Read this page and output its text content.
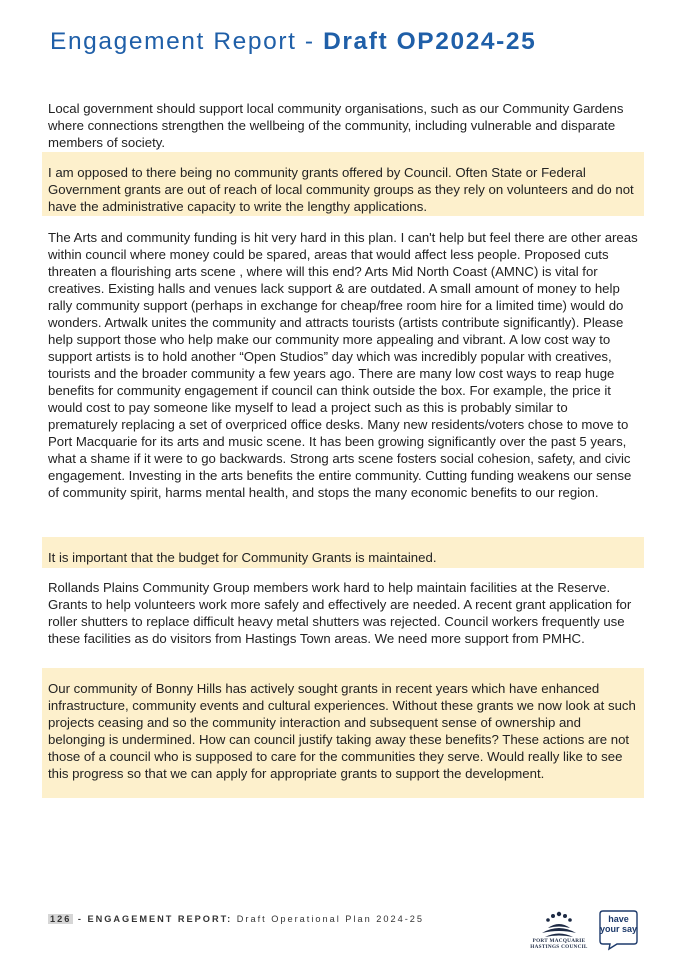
Engagement Report - Draft OP2024-25
Local government should support local community organisations, such as our Community Gardens where connections strengthen the wellbeing of the community, including vulnerable and disparate members of society.
I am opposed to there being no community grants offered by Council. Often State or Federal Government grants are out of reach of local community groups as they rely on volunteers and do not have the administrative capacity to write the lengthy applications.
The Arts and community funding is hit very hard in this plan. I can't help but feel there are other areas within council where money could be spared, areas that would affect less people. Proposed cuts threaten a flourishing arts scene , where will this end? Arts Mid North Coast (AMNC) is vital for creatives. Existing halls and venues lack support & are outdated. A small amount of money to help rally community support (perhaps in exchange for cheap/free room hire for a limited time) would do wonders. Artwalk unites the community and attracts tourists (artists contribute significantly). Please help support those who help make our community more appealing and vibrant. A low cost way to support artists is to hold another “Open Studios” day which was incredibly popular with creatives, tourists and the broader community a few years ago. There are many low cost ways to reap huge benefits for community engagement if council can think outside the box. For example, the price it would cost to pay someone like myself to lead a project such as this is probably similar to prematurely replacing a set of overpriced office desks. Many new residents/voters chose to move to Port Macquarie for its arts and music scene. It has been growing significantly over the past 5 years, what a shame if it were to go backwards. Strong arts scene fosters social cohesion, safety, and civic engagement. Investing in the arts benefits the entire community. Cutting funding weakens our sense of community spirit, harms mental health, and stops the many economic benefits to our region.
It is important that the budget for Community Grants is maintained.
Rollands Plains Community Group members work hard to help maintain facilities at the Reserve. Grants to help volunteers work more safely and effectively are needed. A recent grant application for roller shutters to replace difficult heavy metal shutters was rejected. Council workers frequently use these facilities as do visitors from Hastings Town areas. We need more support from PMHC.
Our community of Bonny Hills has actively sought grants in recent years which have enhanced infrastructure, community events and cultural experiences. Without these grants we now look at such projects ceasing and so the community interaction and subsequent sense of ownership and belonging is undermined. How can council justify taking away these benefits? These actions are not those of a council who is supposed to care for the communities they serve. Would really like to see this progress so that we can apply for appropriate grants to support the development.
126 - ENGAGEMENT REPORT: Draft Operational Plan 2024-25
PORT MACQUARIE
HASTINGS COUNCIL
have
your say
